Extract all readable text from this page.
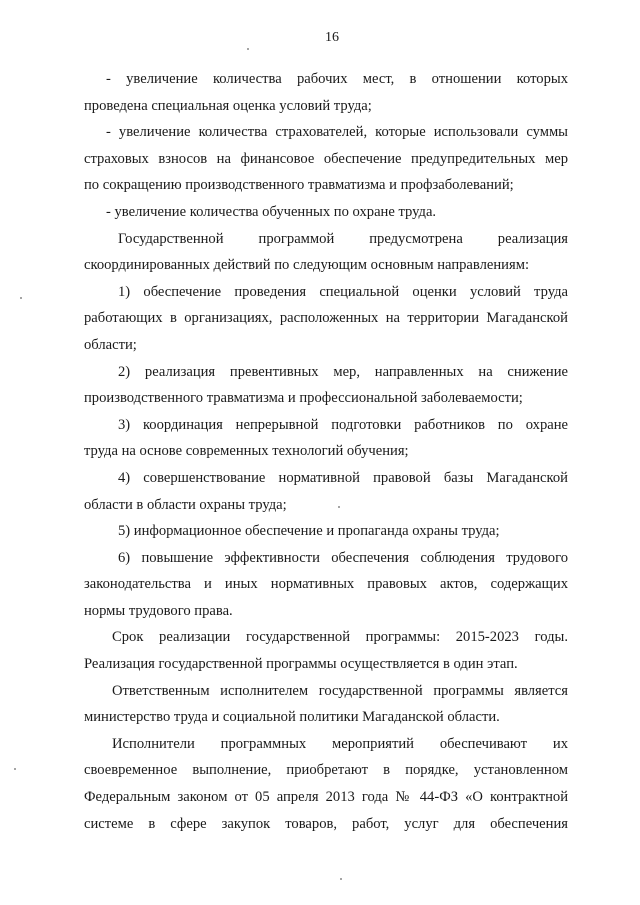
16

- увеличение количества рабочих мест, в отношении которых
проведена специальная оценка условий труда;

- увеличение количества страхователей, которые использовали суммы
страховых взносов на финансовое обеспечение предупредительных мер
по сокращению производственного травматизма и профзаболеваний;

- увеличение количества обученных по охране труда.

Государственной программой предусмотрена реализация
скоординированных действий по следующим основным направлениям:

1) обеспечение проведения специальной оценки условий труда
работающих в организациях, расположенных на территории Магаданской
области;

2) реализация превентивных мер, направленных на снижение
производственного травматизма и профессиональной заболеваемости;

3) координация непрерывной подготовки работников по охране
труда на основе современных технологий обучения;

4) совершенствование нормативной правовой базы Магаданской
области в области охраны труда;

5) информационное обеспечение и пропаганда охраны труда;

6) повышение эффективности обеспечения соблюдения трудового
законодательства и иных нормативных правовых актов, содержащих
нормы трудового права.

Срок реализации государственной программы: 2015-2023 годы.
Реализация государственной программы осуществляется в один этап.

Ответственным исполнителем государственной программы является
министерство труда и социальной политики Магаданской области.

Исполнители программных мероприятий обеспечивают их
своевременное выполнение, приобретают в порядке, установленном
Федеральным законом от 05 апреля 2013 года № 44-ФЗ «О контрактной
системе в сфере закупок товаров, работ, услуг для обеспечения
